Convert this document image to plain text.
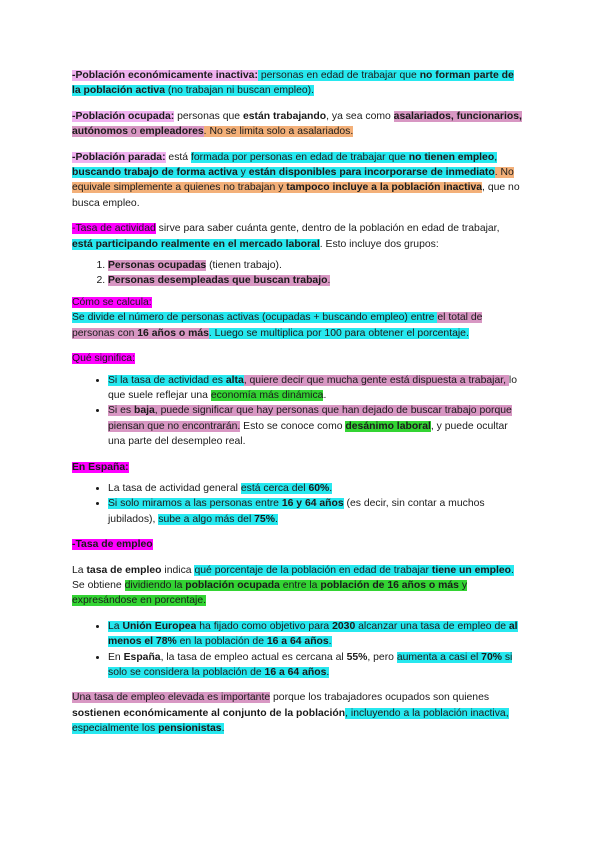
-Población económicamente inactiva: personas en edad de trabajar que no forman parte de la población activa (no trabajan ni buscan empleo).

-Población ocupada: personas que están trabajando, ya sea como asalariados, funcionarios, autónomos o empleadores. No se limita solo a asalariados.

-Población parada: está formada por personas en edad de trabajar que no tienen empleo, buscando trabajo de forma activa y están disponibles para incorporarse de inmediato. No equivale simplemente a quienes no trabajan y tampoco incluye a la población inactiva, que no busca empleo.

-Tasa de actividad sirve para saber cuánta gente, dentro de la población en edad de trabajar, está participando realmente en el mercado laboral. Esto incluye dos grupos:

1. Personas ocupadas (tienen trabajo).
2. Personas desempleadas que buscan trabajo.

Cómo se calcula:

Se divide el número de personas activas (ocupadas + buscando empleo) entre el total de personas con 16 años o más. Luego se multiplica por 100 para obtener el porcentaje.

Qué significa:

• Si la tasa de actividad es alta, quiere decir que mucha gente está dispuesta a trabajar, lo que suele reflejar una economía más dinámica.
• Si es baja, puede significar que hay personas que han dejado de buscar trabajo porque piensan que no encontrarán. Esto se conoce como desánimo laboral, y puede ocultar una parte del desempleo real.

En España:

• La tasa de actividad general está cerca del 60%.
• Si solo miramos a las personas entre 16 y 64 años (es decir, sin contar a muchos jubilados), sube a algo más del 75%.

-Tasa de empleo

La tasa de empleo indica qué porcentaje de la población en edad de trabajar tiene un empleo.

Se obtiene dividiendo la población ocupada entre la población de 16 años o más y expresándose en porcentaje.

• La Unión Europea ha fijado como objetivo para 2030 alcanzar una tasa de empleo de al menos el 78% en la población de 16 a 64 años.
• En España, la tasa de empleo actual es cercana al 55%, pero aumenta a casi el 70% si solo se considera la población de 16 a 64 años.

Una tasa de empleo elevada es importante porque los trabajadores ocupados son quienes sostienen económicamente al conjunto de la población, incluyendo a la población inactiva, especialmente los pensionistas.
